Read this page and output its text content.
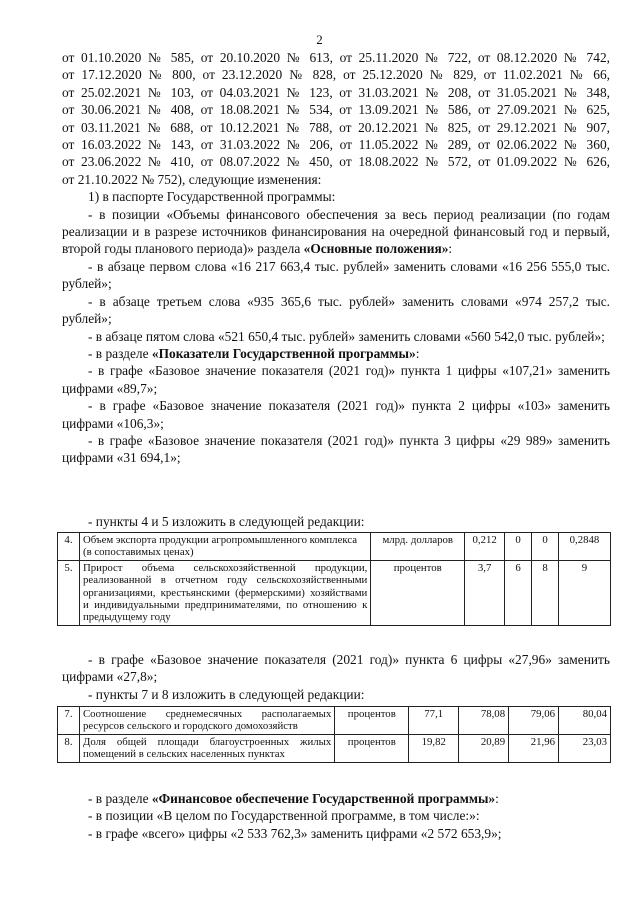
2
от 01.10.2020 № 585, от 20.10.2020 № 613, от 25.11.2020 № 722, от 08.12.2020 № 742,
от 17.12.2020 № 800, от 23.12.2020 № 828, от 25.12.2020 № 829, от 11.02.2021 № 66,
от 25.02.2021 № 103, от 04.03.2021 № 123, от 31.03.2021 № 208, от 31.05.2021 № 348,
от 30.06.2021 № 408, от 18.08.2021 № 534, от 13.09.2021 № 586, от 27.09.2021 № 625,
от 03.11.2021 № 688, от 10.12.2021 № 788, от 20.12.2021 № 825, от 29.12.2021 № 907,
от 16.03.2022 № 143, от 31.03.2022 № 206, от 11.05.2022 № 289, от 02.06.2022 № 360,
от 23.06.2022 № 410, от 08.07.2022 № 450, от 18.08.2022 № 572, от 01.09.2022 № 626,
от 21.10.2022 № 752), следующие изменения:
1) в паспорте Государственной программы:
- в позиции «Объемы финансового обеспечения за весь период реализации (по годам реализации и в разрезе источников финансирования на очередной финансовый год и первый, второй годы планового периода)» раздела «Основные положения»:
- в абзаце первом слова «16 217 663,4 тыс. рублей» заменить словами «16 256 555,0 тыс. рублей»;
- в абзаце третьем слова «935 365,6 тыс. рублей» заменить словами «974 257,2 тыс. рублей»;
- в абзаце пятом слова «521 650,4 тыс. рублей» заменить словами «560 542,0 тыс. рублей»;
- в разделе «Показатели Государственной программы»:
- в графе «Базовое значение показателя (2021 год)» пункта 1 цифры «107,21» заменить цифрами «89,7»;
- в графе «Базовое значение показателя (2021 год)» пункта 2 цифры «103» заменить цифрами «106,3»;
- в графе «Базовое значение показателя (2021 год)» пункта 3 цифры «29 989» заменить цифрами «31 694,1»;
- пункты 4 и 5 изложить в следующей редакции:
4.	Объем экспорта продукции агропромышленного комплекса (в сопоставимых ценах)	млрд. долларов	0,212	0	0	0,2848
5.	Прирост объема сельскохозяйственной продукции, реализованной в отчетном году сельскохозяйственными организациями, крестьянскими (фермерскими) хозяйствами и индивидуальными предпринимателями, по отношению к предыдущему году	процентов	3,7	6	8	9
- в графе «Базовое значение показателя (2021 год)» пункта 6 цифры «27,96» заменить цифрами «27,8»;
- пункты 7 и 8 изложить в следующей редакции:
7.	Соотношение среднемесячных располагаемых ресурсов сельского и городского домохозяйств	процентов	77,1	78,08	79,06	80,04
8.	Доля общей площади благоустроенных жилых помещений в сельских населенных пунктах	процентов	19,82	20,89	21,96	23,03
- в разделе «Финансовое обеспечение Государственной программы»:
- в позиции «В целом по Государственной программе, в том числе:»:
- в графе «всего» цифры «2 533 762,3» заменить цифрами «2 572 653,9»;
